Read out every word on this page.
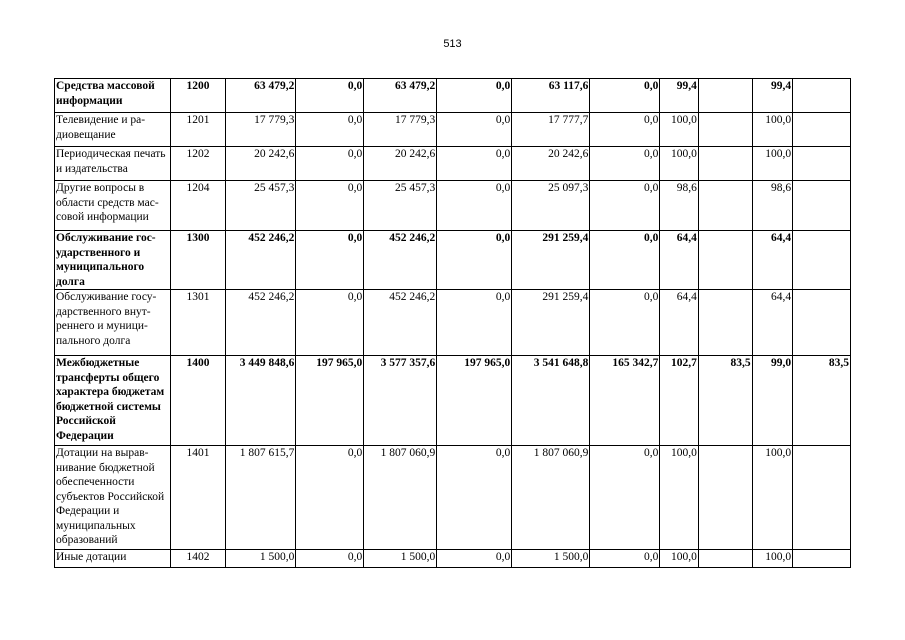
513
Средства массовой информации	1200	63 479,2	0,0	63 479,2	0,0	63 117,6	0,0	99,4		99,4	
Телевидение и радиовещание	1201	17 779,3	0,0	17 779,3	0,0	17 777,7	0,0	100,0		100,0	
Периодическая печать и издательства	1202	20 242,6	0,0	20 242,6	0,0	20 242,6	0,0	100,0		100,0	
Другие вопросы в области средств массовой информации	1204	25 457,3	0,0	25 457,3	0,0	25 097,3	0,0	98,6		98,6	
Обслуживание государственного и муниципального долга	1300	452 246,2	0,0	452 246,2	0,0	291 259,4	0,0	64,4		64,4	
Обслуживание государственного внутреннего и муниципального долга	1301	452 246,2	0,0	452 246,2	0,0	291 259,4	0,0	64,4		64,4	
Межбюджетные трансферты общего характера бюджетам бюджетной системы Российской Федерации	1400	3 449 848,6	197 965,0	3 577 357,6	197 965,0	3 541 648,8	165 342,7	102,7	83,5	99,0	83,5
Дотации на выравнивание бюджетной обеспеченности субъектов Российской Федерации и муниципальных образований	1401	1 807 615,7	0,0	1 807 060,9	0,0	1 807 060,9	0,0	100,0		100,0	
Иные дотации	1402	1 500,0	0,0	1 500,0	0,0	1 500,0	0,0	100,0		100,0	
